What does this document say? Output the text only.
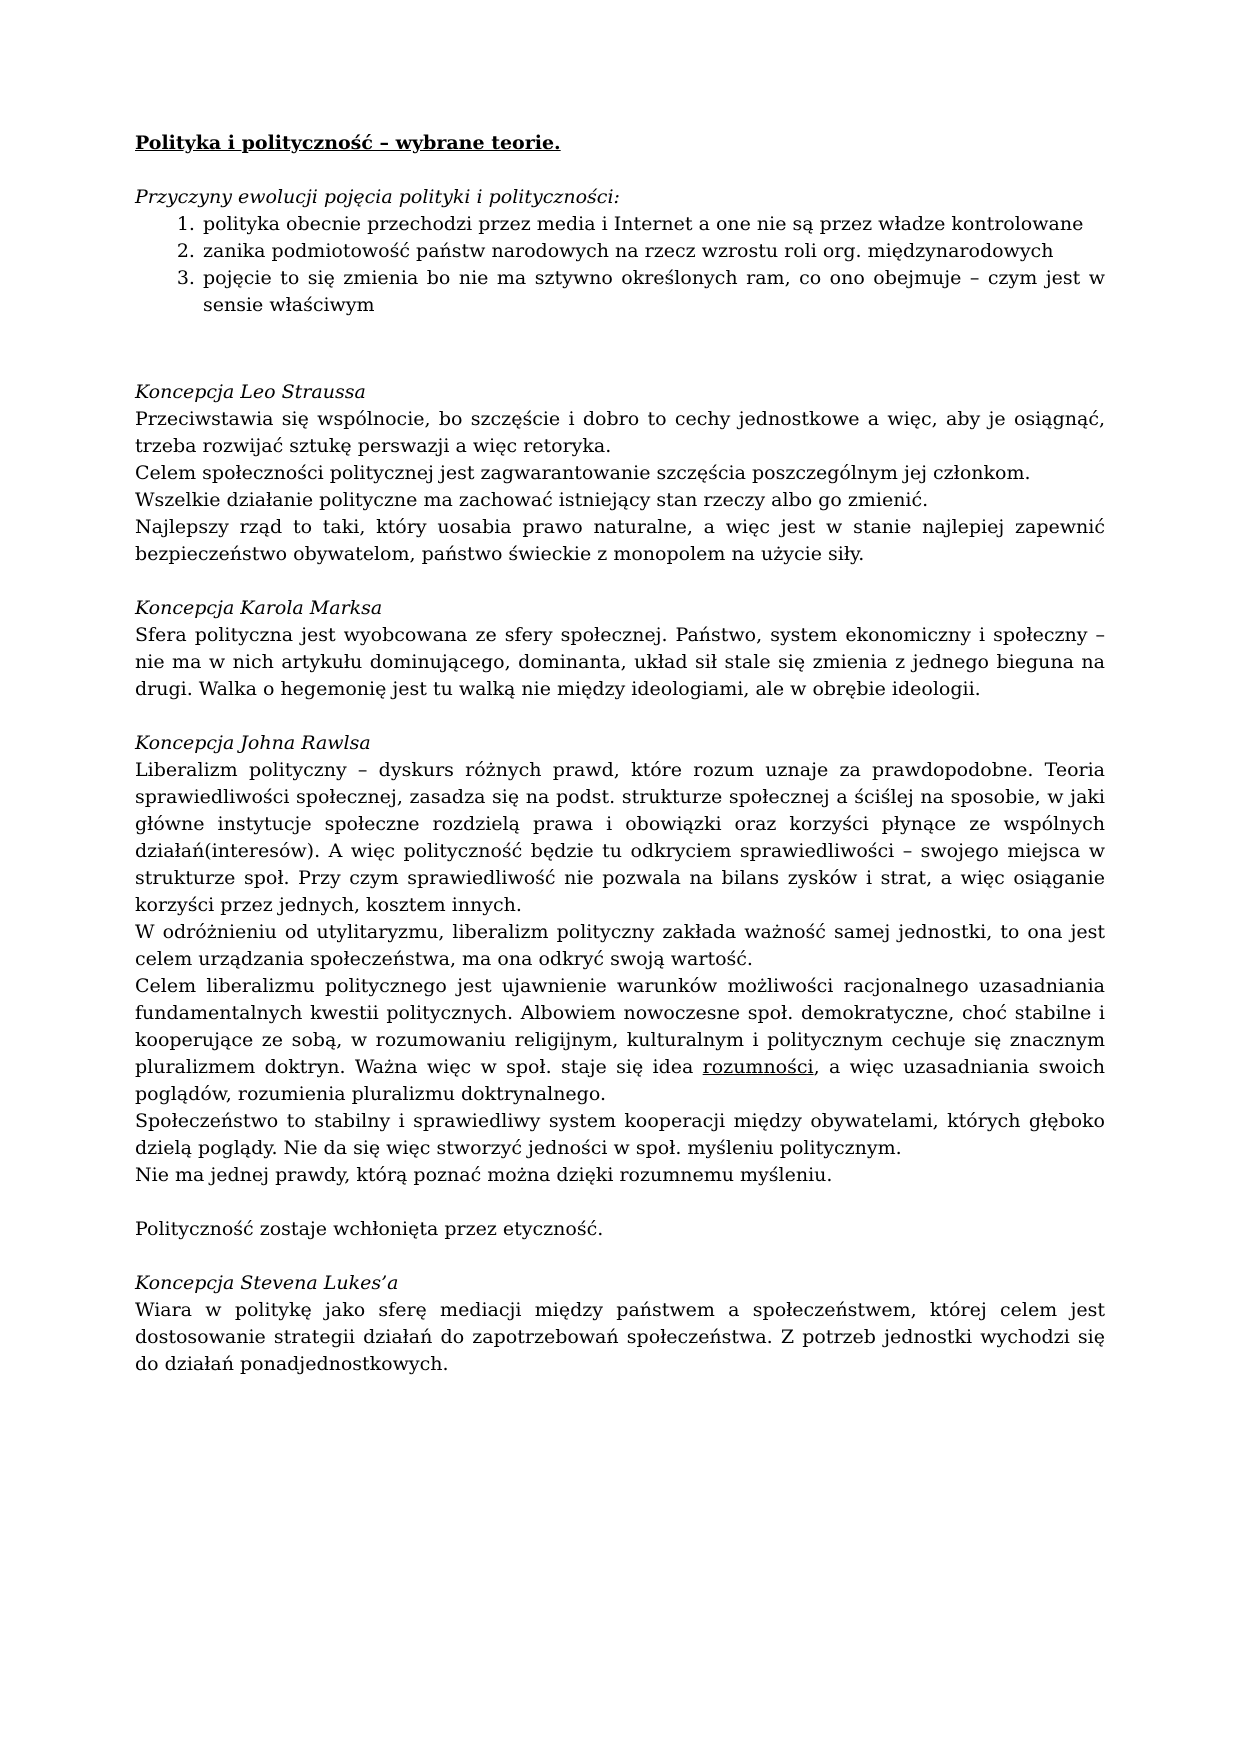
Polityka i polityczność – wybrane teorie.

Przyczyny ewolucji pojęcia polityki i polityczności:

1. polityka obecnie przechodzi przez media i Internet a one nie są przez władze kontrolowane
2. zanika podmiotowość państw narodowych na rzecz wzrostu roli org. międzynarodowych
3. pojęcie to się zmienia bo nie ma sztywno określonych ram, co ono obejmuje – czym jest w sensie właściwym
Koncepcja Leo Straussa

Przeciwstawia się wspólnocie, bo szczęście i dobro to cechy jednostkowe a więc, aby je osiągnąć, trzeba rozwijać sztukę perswazji a więc retoryka.

Celem społeczności politycznej jest zagwarantowanie szczęścia poszczególnym jej członkom.

Wszelkie działanie polityczne ma zachować istniejący stan rzeczy albo go zmienić.

Najlepszy rząd to taki, który uosabia prawo naturalne, a więc jest w stanie najlepiej zapewnić bezpieczeństwo obywatelom, państwo świeckie z monopolem na użycie siły.

Koncepcja Karola Marksa

Sfera polityczna jest wyobcowana ze sfery społecznej. Państwo, system ekonomiczny i społeczny – nie ma w nich artykułu dominującego, dominanta, układ sił stale się zmienia z jednego bieguna na drugi. Walka o hegemonię jest tu walką nie między ideologiami, ale w obrębie ideologii.

Koncepcja Johna Rawlsa

Liberalizm polityczny – dyskurs różnych prawd, które rozum uznaje za prawdopodobne. Teoria sprawiedliwości społecznej, zasadza się na podst. strukturze społecznej a ściślej na sposobie, w jaki główne instytucje społeczne rozdzielą prawa i obowiązki oraz korzyści płynące ze wspólnych działań(interesów). A więc polityczność będzie tu odkryciem sprawiedliwości – swojego miejsca w strukturze społ. Przy czym sprawiedliwość nie pozwala na bilans zysków i strat, a więc osiąganie korzyści przez jednych, kosztem innych.

W odróżnieniu od utylitaryzmu, liberalizm polityczny zakłada ważność samej jednostki, to ona jest celem urządzania społeczeństwa, ma ona odkryć swoją wartość.

Celem liberalizmu politycznego jest ujawnienie warunków możliwości racjonalnego uzasadniania fundamentalnych kwestii politycznych. Albowiem nowoczesne społ. demokratyczne, choć stabilne i kooperujące ze sobą, w rozumowaniu religijnym, kulturalnym i politycznym cechuje się znacznym pluralizmem doktryn. Ważna więc w społ. staje się idea rozumności, a więc uzasadniania swoich poglądów, rozumienia pluralizmu doktrynalnego.

Społeczeństwo to stabilny i sprawiedliwy system kooperacji między obywatelami, których głęboko dzielą poglądy. Nie da się więc stworzyć jedności w społ. myśleniu politycznym.

Nie ma jednej prawdy, którą poznać można dzięki rozumnemu myśleniu.

Polityczność zostaje wchłonięta przez etyczność.

Koncepcja Stevena Lukes’a

Wiara w politykę jako sferę mediacji między państwem a społeczeństwem, której celem jest dostosowanie strategii działań do zapotrzebowań społeczeństwa. Z potrzeb jednostki wychodzi się do działań ponadjednostkowych.
